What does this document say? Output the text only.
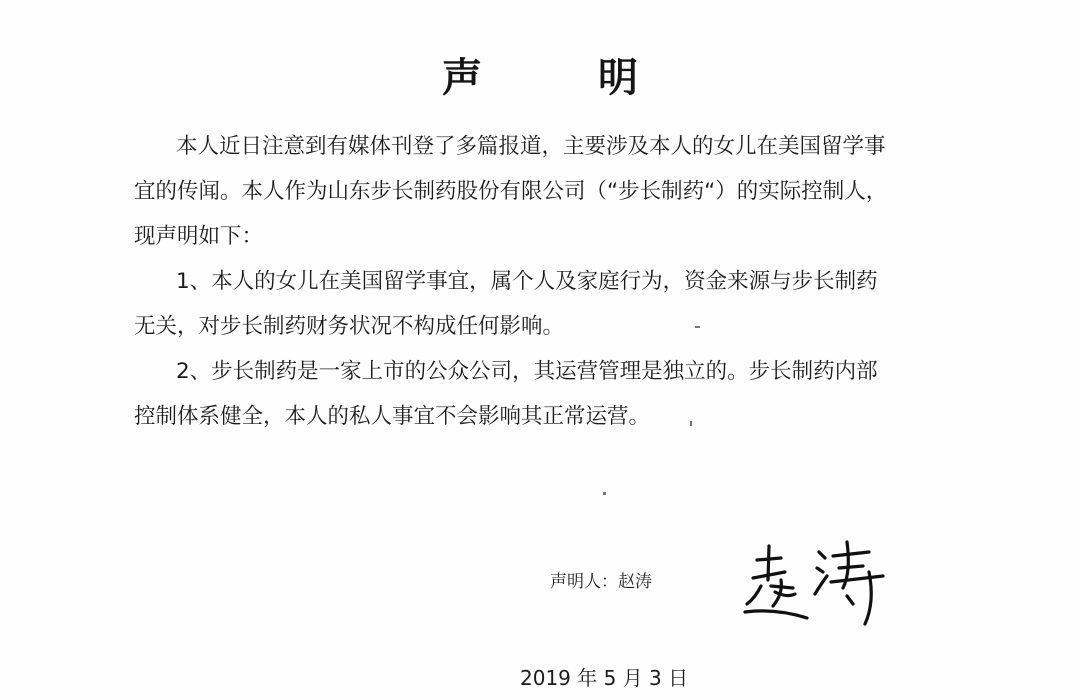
声　明

本人近日注意到有媒体刊登了多篇报道，主要涉及本人的女儿在美国留学事
宜的传闻。本人作为山东步长制药股份有限公司（“步长制药“）的实际控制人，
现声明如下：

1、本人的女儿在美国留学事宜，属个人及家庭行为，资金来源与步长制药
无关，对步长制药财务状况不构成任何影响。

2、步长制药是一家上市的公众公司，其运营管理是独立的。步长制药内部
控制体系健全，本人的私人事宜不会影响其正常运营。

声明人：赵涛
2019 年 5 月 3 日
